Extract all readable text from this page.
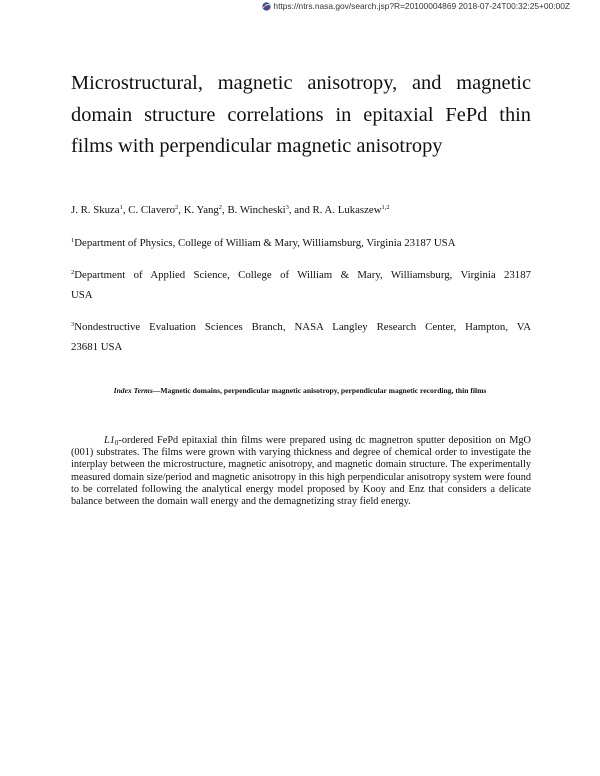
https://ntrs.nasa.gov/search.jsp?R=20100004869 2018-07-24T00:32:25+00:00Z
Microstructural, magnetic anisotropy, and magnetic domain structure correlations in epitaxial FePd thin films with perpendicular magnetic anisotropy
J. R. Skuza$^1$, C. Clavero$^2$, K. Yang$^2$, B. Wincheski$^3$, and R. A. Lukaszew$^{1,2}$
$^1$Department of Physics, College of William & Mary, Williamsburg, Virginia 23187 USA
$^2$Department of Applied Science, College of William & Mary, Williamsburg, Virginia 23187
USA
$^3$Nondestructive Evaluation Sciences Branch, NASA Langley Research Center, Hampton, VA
23681 USA
Index Terms—Magnetic domains, perpendicular magnetic anisotropy, perpendicular magnetic recording, thin films

$L1_0$-ordered FePd epitaxial thin films were prepared using dc magnetron sputter deposition on MgO (001) substrates. The films were grown with varying thickness and degree of chemical order to investigate the interplay between the microstructure, magnetic anisotropy, and magnetic domain structure. The experimentally measured domain size/period and magnetic anisotropy in this high perpendicular anisotropy system were found to be correlated following the analytical energy model proposed by Kooy and Enz that considers a delicate balance between the domain wall energy and the demagnetizing stray field energy.
